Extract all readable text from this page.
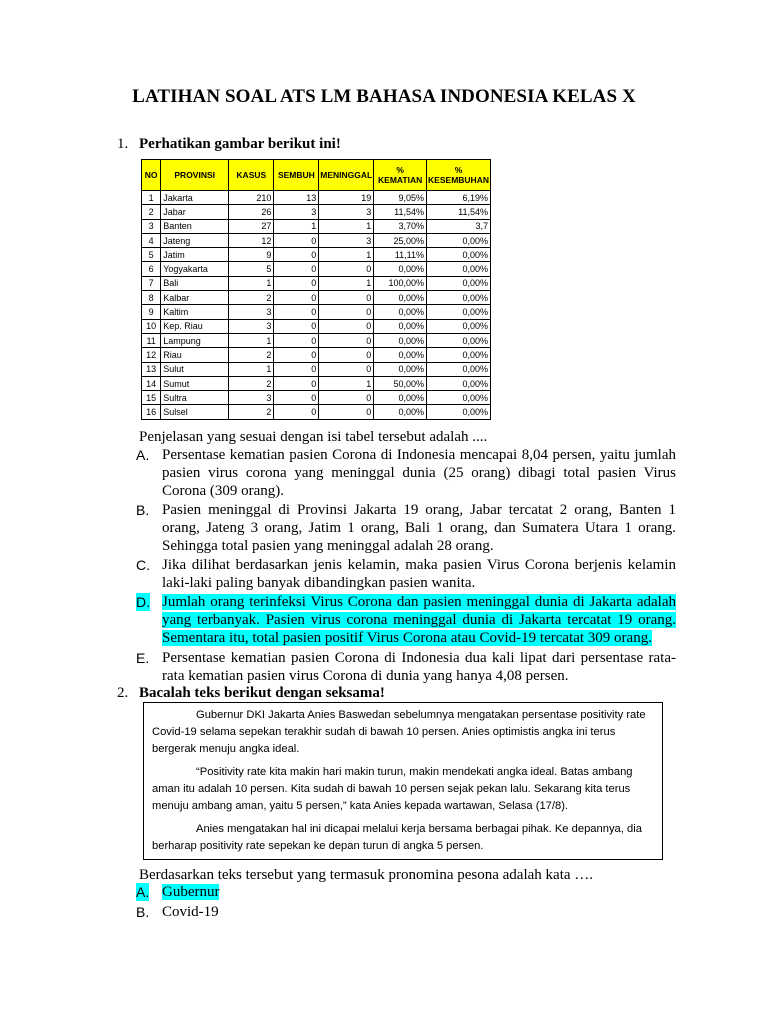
LATIHAN SOAL ATS LM BAHASA INDONESIA KELAS X
1. Perhatikan gambar berikut ini!
NO	PROVINSI	KASUS	SEMBUH	MENINGGAL	% KEMATIAN	% KESEMBUHAN
1	Jakarta	210	13	19	9,05%	6,19%
2	Jabar	26	3	3	11,54%	11,54%
3	Banten	27	1	1	3,70%	3,7
4	Jateng	12	0	3	25,00%	0,00%
5	Jatim	9	0	1	11,11%	0,00%
6	Yogyakarta	5	0	0	0,00%	0,00%
7	Bali	1	0	1	100,00%	0,00%
8	Kalbar	2	0	0	0,00%	0,00%
9	Kaltim	3	0	0	0,00%	0,00%
10	Kep. Riau	3	0	0	0,00%	0,00%
11	Lampung	1	0	0	0,00%	0,00%
12	Riau	2	0	0	0,00%	0,00%
13	Sulut	1	0	0	0,00%	0,00%
14	Sumut	2	0	1	50,00%	0,00%
15	Sultra	3	0	0	0,00%	0,00%
16	Sulsel	2	0	0	0,00%	0,00%
Penjelasan yang sesuai dengan isi tabel tersebut adalah ....
A. Persentase kematian pasien Corona di Indonesia mencapai 8,04 persen, yaitu jumlah pasien virus corona yang meninggal dunia (25 orang) dibagi total pasien Virus Corona (309 orang).
B. Pasien meninggal di Provinsi Jakarta 19 orang, Jabar tercatat 2 orang, Banten 1 orang, Jateng 3 orang, Jatim 1 orang, Bali 1 orang, dan Sumatera Utara 1 orang. Sehingga total pasien yang meninggal adalah 28 orang.
C. Jika dilihat berdasarkan jenis kelamin, maka pasien Virus Corona berjenis kelamin laki-laki paling banyak dibandingkan pasien wanita.
D. Jumlah orang terinfeksi Virus Corona dan pasien meninggal dunia di Jakarta adalah yang terbanyak. Pasien virus corona meninggal dunia di Jakarta tercatat 19 orang. Sementara itu, total pasien positif Virus Corona atau Covid-19 tercatat 309 orang.
E. Persentase kematian pasien Corona di Indonesia dua kali lipat dari persentase rata-rata kematian pasien virus Corona di dunia yang hanya 4,08 persen.
2. Bacalah teks berikut dengan seksama!

Gubernur DKI Jakarta Anies Baswedan sebelumnya mengatakan persentase positivity rate Covid-19 selama sepekan terakhir sudah di bawah 10 persen. Anies optimistis angka ini terus bergerak menuju angka ideal.

“Positivity rate kita makin hari makin turun, makin mendekati angka ideal. Batas ambang aman itu adalah 10 persen. Kita sudah di bawah 10 persen sejak pekan lalu. Sekarang kita terus menuju ambang aman, yaitu 5 persen,” kata Anies kepada wartawan, Selasa (17/8).

Anies mengatakan hal ini dicapai melalui kerja bersama berbagai pihak. Ke depannya, dia berharap positivity rate sepekan ke depan turun di angka 5 persen.

Berdasarkan teks tersebut yang termasuk pronomina pesona adalah kata ….
A. Gubernur
B. Covid-19
